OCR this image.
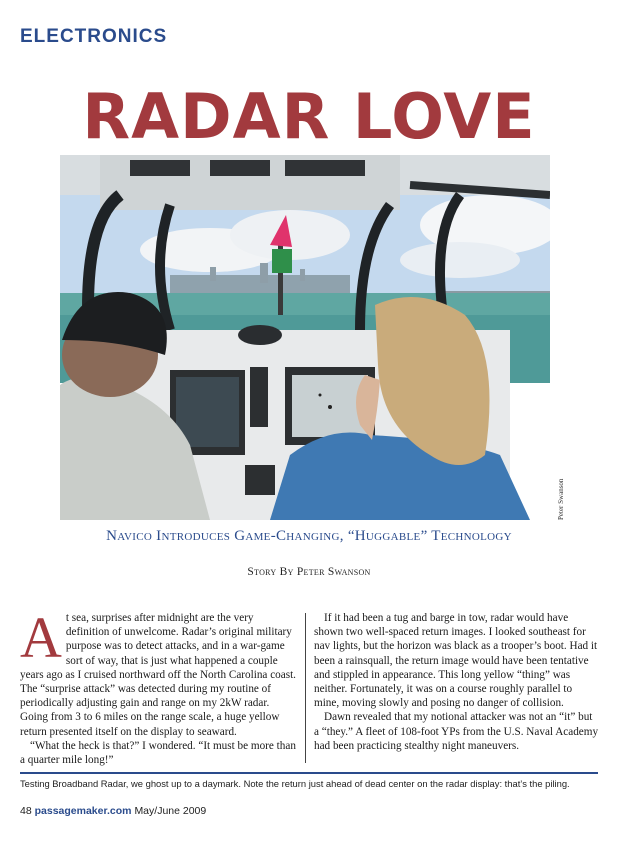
ELECTRONICS
RADAR LOVE
Peter Swanson
Navico Introduces Game-Changing, “Huggable” Technology
Story By Peter Swanson

A t sea, surprises after midnight are the very definition of unwelcome. Radar’s original military purpose was to detect attacks, and in a war-game sort of way, that is just what happened a couple years ago as I cruised northward off the North Carolina coast. The “surprise attack” was detected during my routine of periodically adjusting gain and range on my 2kW radar. Going from 3 to 6 miles on the range scale, a huge yellow return presented itself on the display to seaward.

“What the heck is that?” I wondered. “It must be more than a quarter mile long!”

If it had been a tug and barge in tow, radar would have shown two well-spaced return images. I looked southeast for nav lights, but the horizon was black as a trooper’s boot. Had it been a rainsquall, the return image would have been tentative and stippled in appearance. This long yellow “thing” was neither. Fortunately, it was on a course roughly parallel to mine, moving slowly and posing no danger of collision.

Dawn revealed that my notional attacker was not an “it” but a “they.” A fleet of 108-foot YPs from the U.S. Naval Academy had been practicing stealthy night maneuvers.

Testing Broadband Radar, we ghost up to a daymark. Note the return just ahead of dead center on the radar display: that’s the piling.
48 passagemaker.com May/June 2009
